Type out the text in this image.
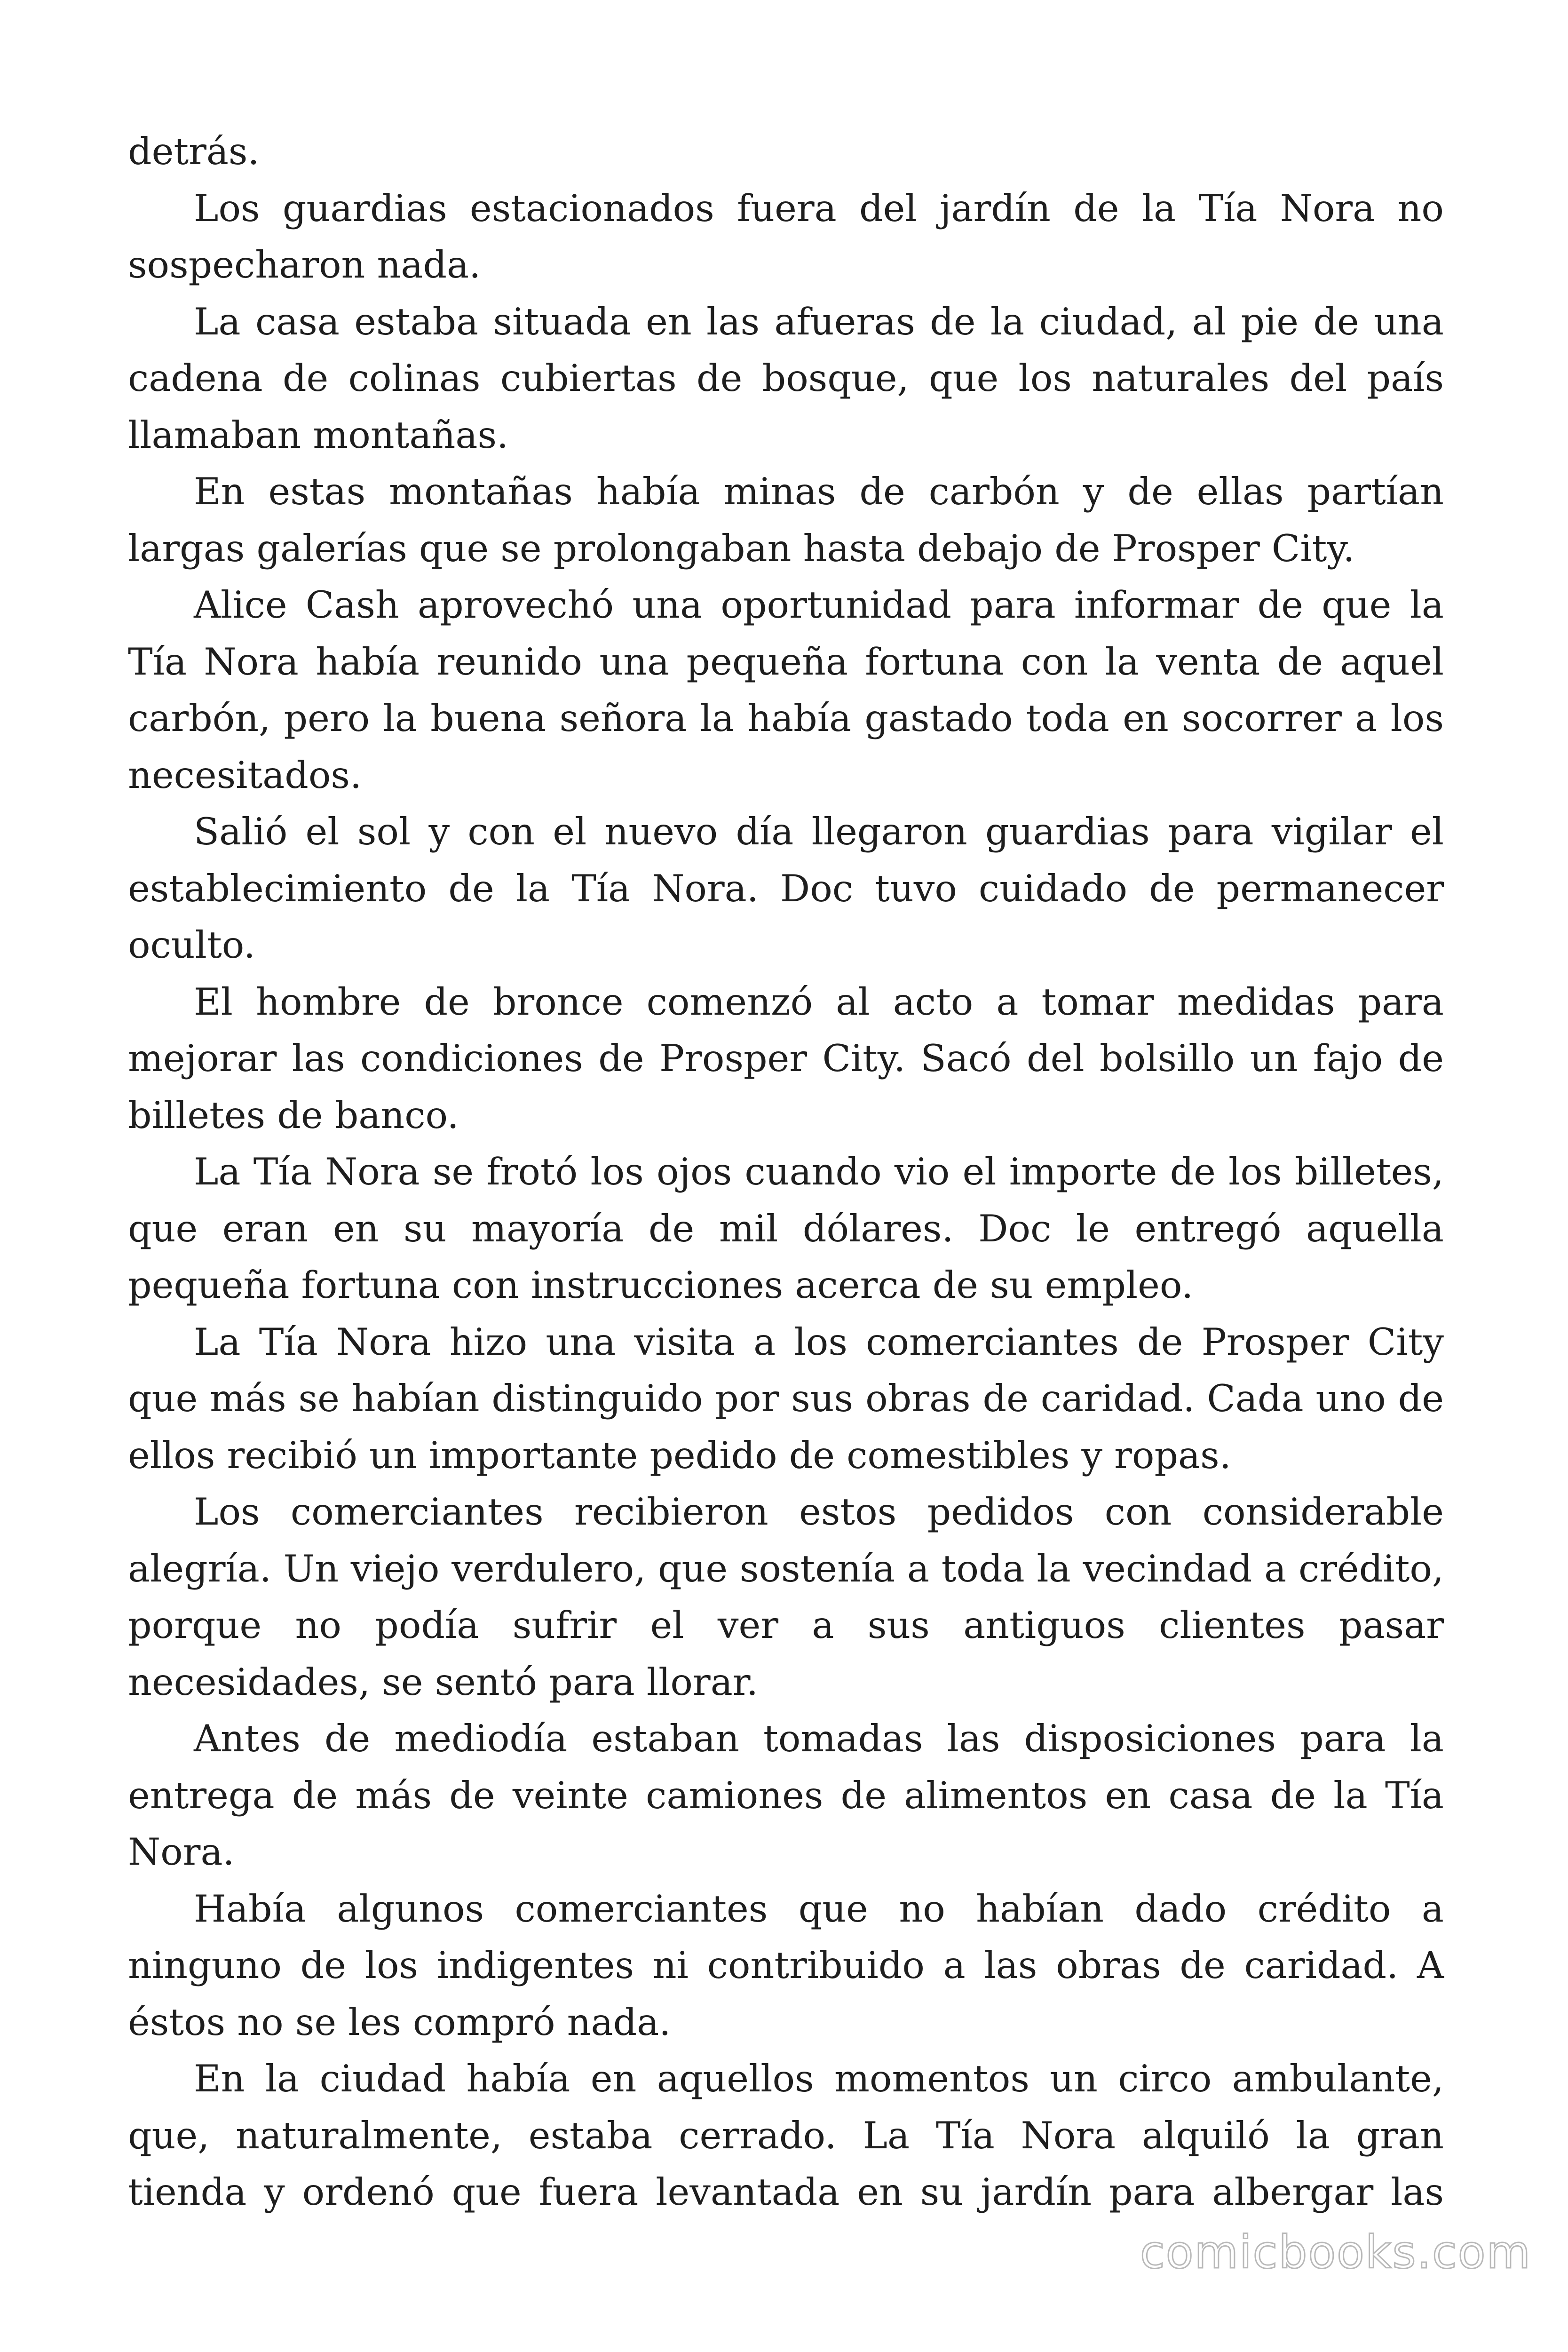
detrás.

Los guardias estacionados fuera del jardín de la Tía Nora no sospecharon nada.

La casa estaba situada en las afueras de la ciudad, al pie de una cadena de colinas cubiertas de bosque, que los naturales del país llamaban montañas.

En estas montañas había minas de carbón y de ellas partían largas galerías que se prolongaban hasta debajo de Prosper City.

Alice Cash aprovechó una oportunidad para informar de que la Tía Nora había reunido una pequeña fortuna con la venta de aquel carbón, pero la buena señora la había gastado toda en socorrer a los necesitados.

Salió el sol y con el nuevo día llegaron guardias para vigilar el establecimiento de la Tía Nora. Doc tuvo cuidado de permanecer oculto.

El hombre de bronce comenzó al acto a tomar medidas para mejorar las condiciones de Prosper City. Sacó del bolsillo un fajo de billetes de banco.

La Tía Nora se frotó los ojos cuando vio el importe de los billetes, que eran en su mayoría de mil dólares. Doc le entregó aquella pequeña fortuna con instrucciones acerca de su empleo.

La Tía Nora hizo una visita a los comerciantes de Prosper City que más se habían distinguido por sus obras de caridad. Cada uno de ellos recibió un importante pedido de comestibles y ropas.

Los comerciantes recibieron estos pedidos con considerable alegría. Un viejo verdulero, que sostenía a toda la vecindad a crédito, porque no podía sufrir el ver a sus antiguos clientes pasar necesidades, se sentó para llorar.

Antes de mediodía estaban tomadas las disposiciones para la entrega de más de veinte camiones de alimentos en casa de la Tía Nora.

Había algunos comerciantes que no habían dado crédito a ninguno de los indigentes ni contribuido a las obras de caridad. A éstos no se les compró nada.

En la ciudad había en aquellos momentos un circo ambulante, que, naturalmente, estaba cerrado. La Tía Nora alquiló la gran tienda y ordenó que fuera levantada en su jardín para albergar las

comicbooks.com
